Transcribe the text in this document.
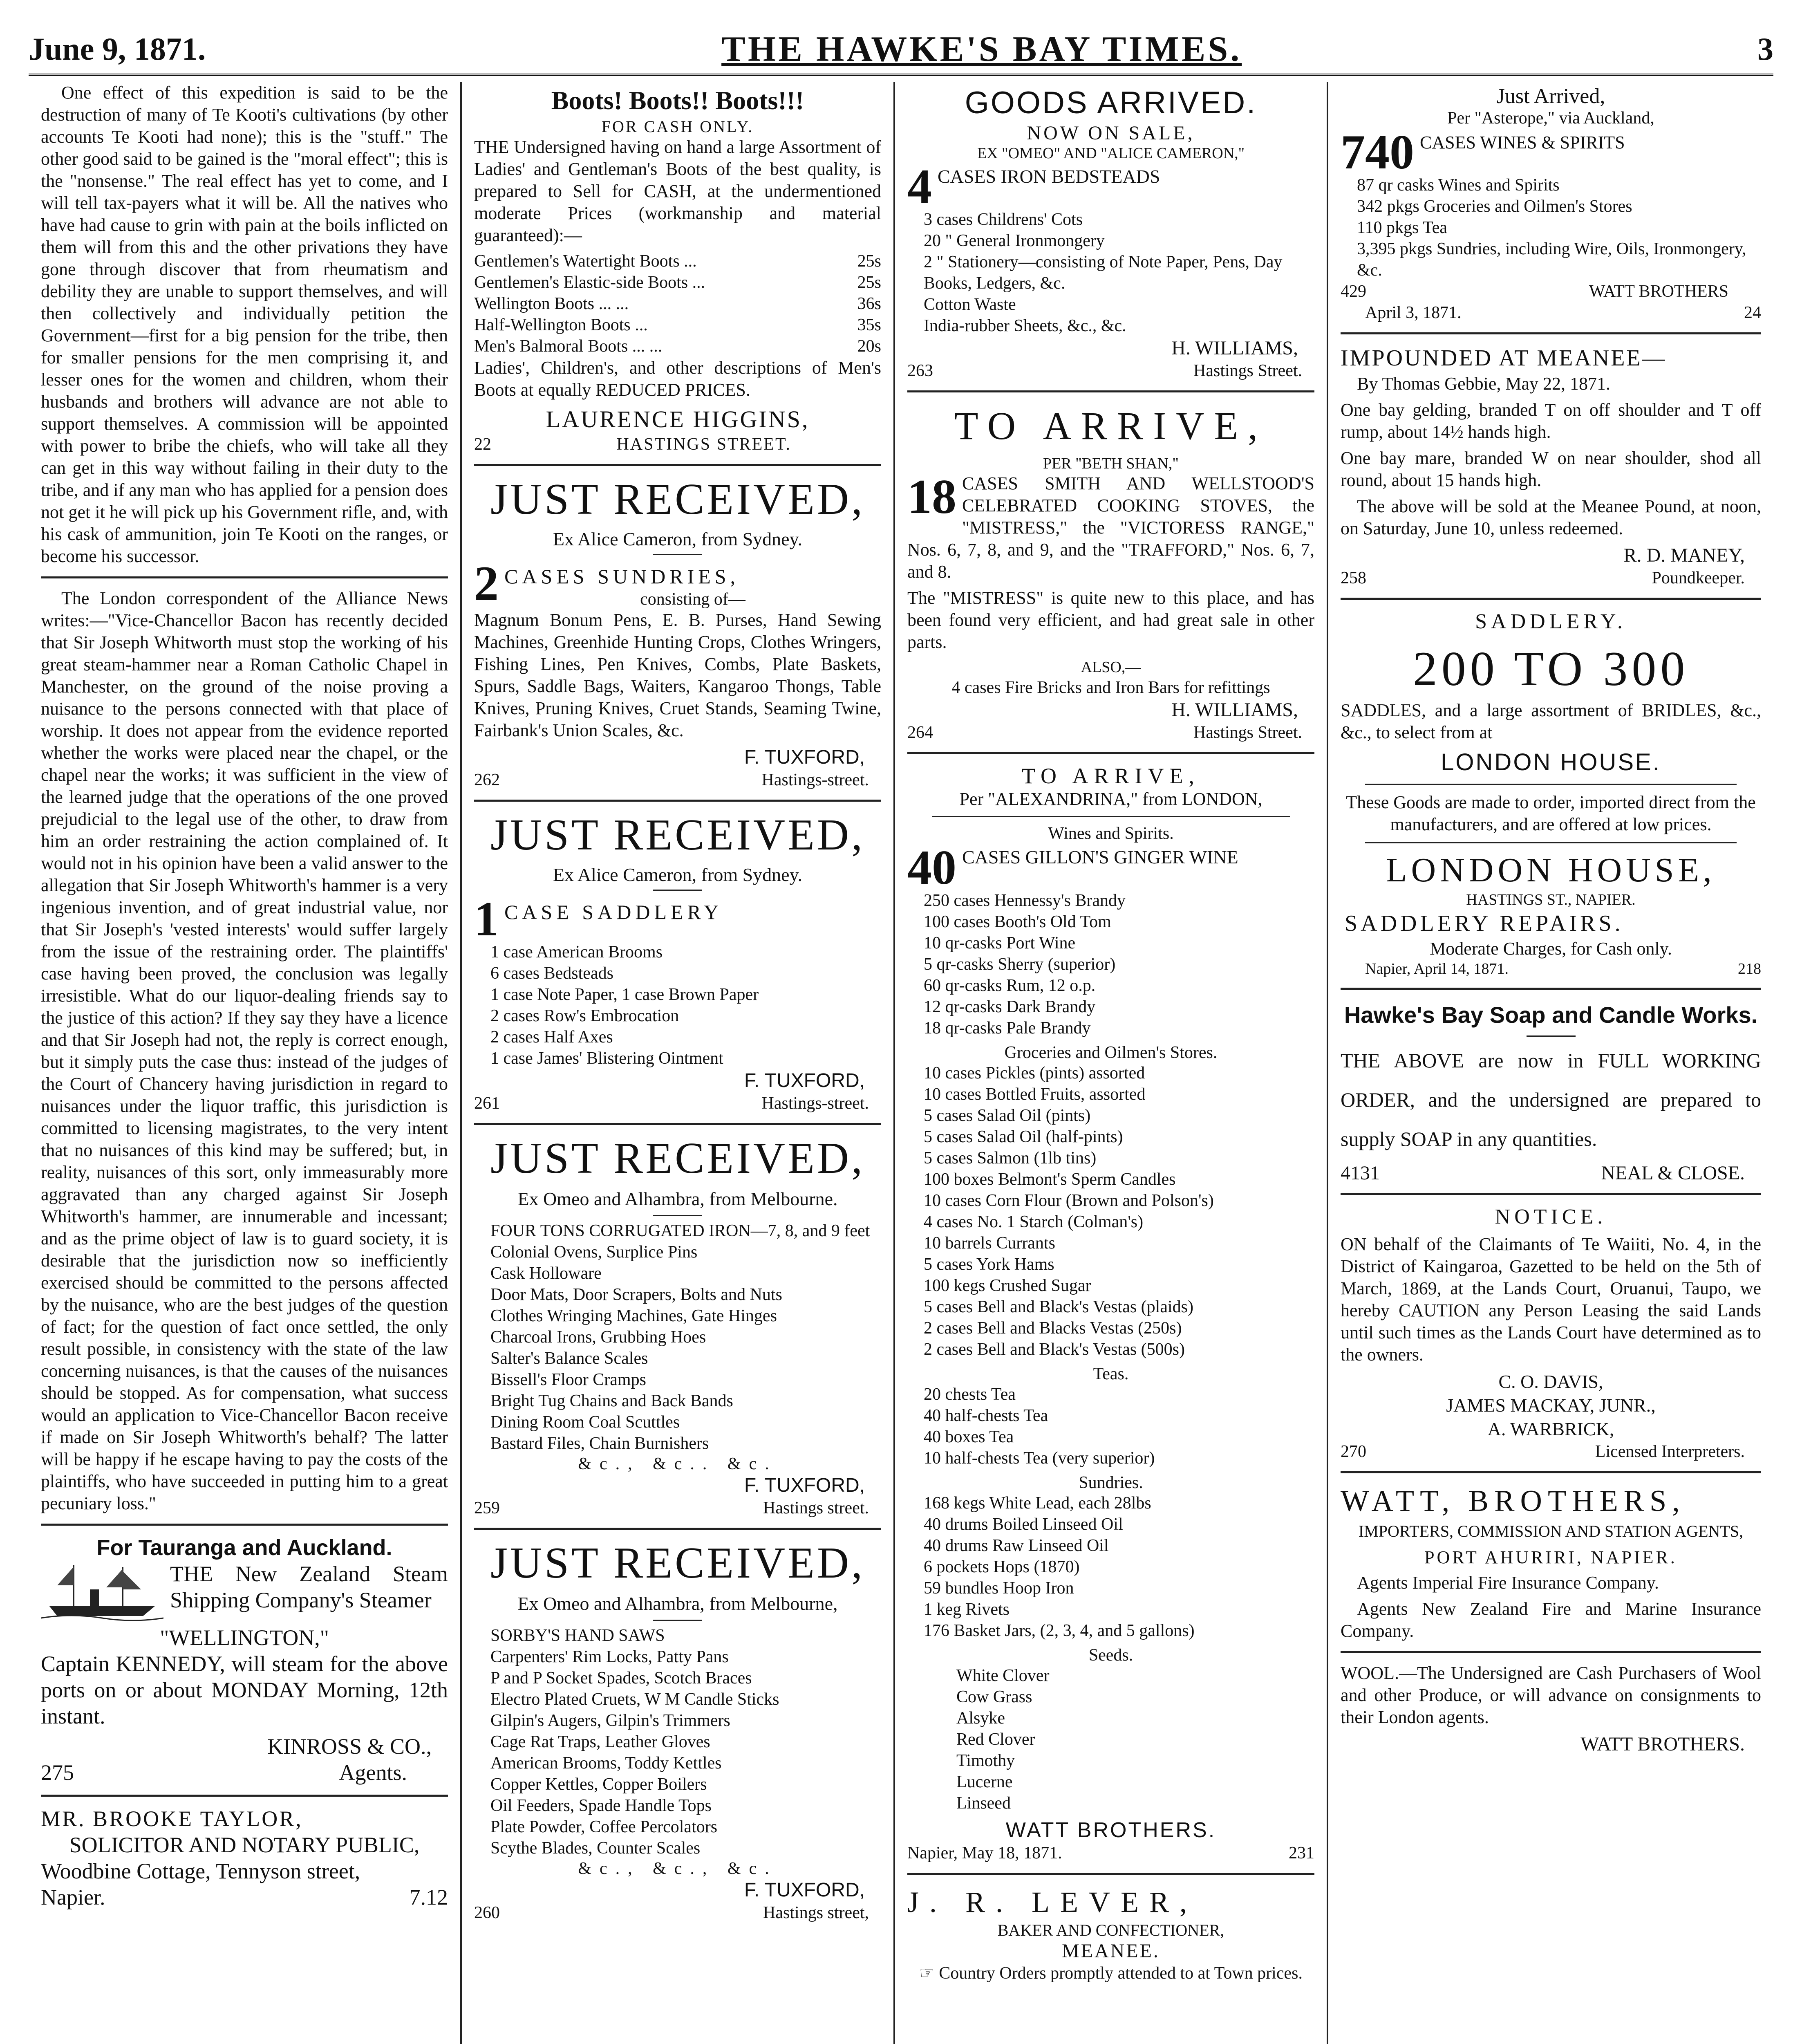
June 9, 1871.	THE HAWKE'S BAY TIMES.	3

One effect of this expedition is said to be the destruction of many of Te Kooti's cultivations (by other accounts Te Kooti had none); this is the "stuff." The other good said to be gained is the "moral effect"; this is the "nonsense." The real effect has yet to come, and I will tell tax-payers what it will be. All the natives who have had cause to grin with pain at the boils inflicted on them will from this and the other privations they have gone through discover that from rheumatism and debility they are unable to support themselves, and will then collectively and individually petition the Government—first for a big pension for the tribe, then for smaller pensions for the men comprising it, and lesser ones for the women and children, whom their husbands and brothers will advance are not able to support themselves. A commission will be appointed with power to bribe the chiefs, who will take all they can get in this way without failing in their duty to the tribe, and if any man who has applied for a pension does not get it he will pick up his Government rifle, and, with his cask of ammunition, join Te Kooti on the ranges, or become his successor.

The London correspondent of the Alliance News writes:—"Vice-Chancellor Bacon has recently decided that Sir Joseph Whitworth must stop the working of his great steam-hammer near a Roman Catholic Chapel in Manchester, on the ground of the noise proving a nuisance to the persons connected with that place of worship. It does not appear from the evidence reported whether the works were placed near the chapel, or the chapel near the works; it was sufficient in the view of the learned judge that the operations of the one proved prejudicial to the legal use of the other, to draw from him an order restraining the action complained of. It would not in his opinion have been a valid answer to the allegation that Sir Joseph Whitworth's hammer is a very ingenious invention, and of great industrial value, nor that Sir Joseph's 'vested interests' would suffer largely from the issue of the restraining order. The plaintiffs' case having been proved, the conclusion was legally irresistible. What do our liquor-dealing friends say to the justice of this action? If they say they have a licence and that Sir Joseph had not, the reply is correct enough, but it simply puts the case thus: instead of the judges of the Court of Chancery having jurisdiction in regard to nuisances under the liquor traffic, this jurisdiction is committed to licensing magistrates, to the very intent that no nuisances of this kind may be suffered; but, in reality, nuisances of this sort, only immeasurably more aggravated than any charged against Sir Joseph Whitworth's hammer, are innumerable and incessant; and as the prime object of law is to guard society, it is desirable that the jurisdiction now so inefficiently exercised should be committed to the persons affected by the nuisance, who are the best judges of the question of fact; for the question of fact once settled, the only result possible, in consistency with the state of the law concerning nuisances, is that the causes of the nuisances should be stopped. As for compensation, what success would an application to Vice-Chancellor Bacon receive if made on Sir Joseph Whitworth's behalf? The latter will be happy if he escape having to pay the costs of the plaintiffs, who have succeeded in putting him to a great pecuniary loss."

For Tauranga and Auckland.

THE New Zealand Steam Shipping Company's Steamer

"WELLINGTON,"

Captain KENNEDY, will steam for the above ports on or about MONDAY Morning, 12th instant.

KINROSS & CO.,
275	Agents.
MR. BROOKE TAYLOR,
SOLICITOR AND NOTARY PUBLIC,
Woodbine Cottage, Tennyson street,
Napier.	7.12
Boots! Boots!! Boots!!!
FOR CASH ONLY.

THE Undersigned having on hand a large Assortment of Ladies' and Gentleman's Boots of the best quality, is prepared to Sell for CASH, at the undermentioned moderate Prices (workmanship and material guaranteed):—

Gentlemen's Watertight Boots ...	25s
Gentlemen's Elastic-side Boots ...	25s
Wellington Boots ... ...	36s
Half-Wellington Boots ...	35s
Men's Balmoral Boots ... ...	20s

Ladies', Children's, and other descriptions of Men's Boots at equally REDUCED PRICES.

LAURENCE HIGGINS,
22	HASTINGS STREET.
JUST RECEIVED,
Ex Alice Cameron, from Sydney.
2 CASES SUNDRIES,
consisting of—

Magnum Bonum Pens, E. B. Purses, Hand Sewing Machines, Greenhide Hunting Crops, Clothes Wringers, Fishing Lines, Pen Knives, Combs, Plate Baskets, Spurs, Saddle Bags, Waiters, Kangaroo Thongs, Table Knives, Pruning Knives, Cruet Stands, Seaming Twine, Fairbank's Union Scales, &c.

F. TUXFORD,
262	Hastings-street.
JUST RECEIVED,
Ex Alice Cameron, from Sydney.
1 CASE SADDLERY

1 case American Brooms

6 cases Bedsteads

1 case Note Paper, 1 case Brown Paper

2 cases Row's Embrocation

2 cases Half Axes

1 case James' Blistering Ointment

F. TUXFORD,
261	Hastings-street.
JUST RECEIVED,
Ex Omeo and Alhambra, from Melbourne.

FOUR TONS CORRUGATED IRON—7, 8, and 9 feet

Colonial Ovens, Surplice Pins

Cask Holloware

Door Mats, Door Scrapers, Bolts and Nuts

Clothes Wringing Machines, Gate Hinges

Charcoal Irons, Grubbing Hoes

Salter's Balance Scales

Bissell's Floor Cramps

Bright Tug Chains and Back Bands

Dining Room Coal Scuttles

Bastard Files, Chain Burnishers

&c., &c.. &c.
F. TUXFORD,
259	Hastings street.
JUST RECEIVED,
Ex Omeo and Alhambra, from Melbourne,

SORBY'S HAND SAWS

Carpenters' Rim Locks, Patty Pans

P and P Socket Spades, Scotch Braces

Electro Plated Cruets, W M Candle Sticks

Gilpin's Augers, Gilpin's Trimmers

Cage Rat Traps, Leather Gloves

American Brooms, Toddy Kettles

Copper Kettles, Copper Boilers

Oil Feeders, Spade Handle Tops

Plate Powder, Coffee Percolators

Scythe Blades, Counter Scales

&c., &c., &c.
F. TUXFORD,
260	Hastings street,
GOODS ARRIVED.
NOW ON SALE,
EX "OMEO" AND "ALICE CAMERON,"
4 CASES IRON BEDSTEADS

3 cases Childrens' Cots

20 " General Ironmongery

2 " Stationery—consisting of Note Paper, Pens, Day Books, Ledgers, &c.

Cotton Waste

India-rubber Sheets, &c., &c.

H. WILLIAMS,
263	Hastings Street.
TO ARRIVE,
PER "BETH SHAN,"
18 CASES SMITH AND WELLSTOOD'S CELEBRATED COOKING STOVES, the "MISTRESS," the "VICTORESS RANGE," Nos. 6, 7, 8, and 9, and the "TRAFFORD," Nos. 6, 7, and 8.

The "MISTRESS" is quite new to this place, and has been found very efficient, and had great sale in other parts.

ALSO,—
4 cases Fire Bricks and Iron Bars for refittings
H. WILLIAMS,
264	Hastings Street.
TO ARRIVE,
Per "ALEXANDRINA," from LONDON,
Wines and Spirits.
40 CASES GILLON'S GINGER WINE

250 cases Hennessy's Brandy

100 cases Booth's Old Tom

10 qr-casks Port Wine

5 qr-casks Sherry (superior)

60 qr-casks Rum, 12 o.p.

12 qr-casks Dark Brandy

18 qr-casks Pale Brandy

Groceries and Oilmen's Stores.

10 cases Pickles (pints) assorted

10 cases Bottled Fruits, assorted

5 cases Salad Oil (pints)

5 cases Salad Oil (half-pints)

5 cases Salmon (1lb tins)

100 boxes Belmont's Sperm Candles

10 cases Corn Flour (Brown and Polson's)

4 cases No. 1 Starch (Colman's)

10 barrels Currants

5 cases York Hams

100 kegs Crushed Sugar

5 cases Bell and Black's Vestas (plaids)

2 cases Bell and Blacks Vestas (250s)

2 cases Bell and Black's Vestas (500s)

Teas.

20 chests Tea

40 half-chests Tea

40 boxes Tea

10 half-chests Tea (very superior)

Sundries.

168 kegs White Lead, each 28lbs

40 drums Boiled Linseed Oil

40 drums Raw Linseed Oil

6 pockets Hops (1870)

59 bundles Hoop Iron

1 keg Rivets

176 Basket Jars, (2, 3, 4, and 5 gallons)

Seeds.

White Clover

Cow Grass

Alsyke

Red Clover

Timothy

Lucerne

Linseed

WATT BROTHERS.
Napier, May 18, 1871.	231
J. R. LEVER,
BAKER AND CONFECTIONER,
MEANEE.
☞ Country Orders promptly attended to at Town prices.
Just Arrived,
Per "Asterope," via Auckland,
740 CASES WINES & SPIRITS

87 qr casks Wines and Spirits

342 pkgs Groceries and Oilmen's Stores

110 pkgs Tea

3,395 pkgs Sundries, including Wire, Oils, Ironmongery, &c.

429	WATT BROTHERS
April 3, 1871.	24
IMPOUNDED AT MEANEE—

By Thomas Gebbie, May 22, 1871.

One bay gelding, branded T on off shoulder and T off rump, about 14½ hands high.

One bay mare, branded W on near shoulder, shod all round, about 15 hands high.

The above will be sold at the Meanee Pound, at noon, on Saturday, June 10, unless redeemed.

R. D. MANEY,
258	Poundkeeper.
SADDLERY.
200 TO 300

SADDLES, and a large assortment of BRIDLES, &c., &c., to select from at

LONDON HOUSE.

These Goods are made to order, imported direct from the manufacturers, and are offered at low prices.

LONDON HOUSE,
HASTINGS ST., NAPIER.
SADDLERY REPAIRS.
Moderate Charges, for Cash only.
Napier, April 14, 1871.	218
Hawke's Bay Soap and Candle Works.

THE ABOVE are now in FULL WORKING ORDER, and the undersigned are prepared to supply SOAP in any quantities.

4131	NEAL & CLOSE.
NOTICE.

ON behalf of the Claimants of Te Waiiti, No. 4, in the District of Kaingaroa, Gazetted to be held on the 5th of March, 1869, at the Lands Court, Oruanui, Taupo, we hereby CAUTION any Person Leasing the said Lands until such times as the Lands Court have determined as to the owners.

C. O. DAVIS,
JAMES MACKAY, JUNR.,
A. WARBRICK,
270	Licensed Interpreters.
WATT, BROTHERS,
IMPORTERS, COMMISSION AND STATION AGENTS,
PORT AHURIRI, NAPIER.

Agents Imperial Fire Insurance Company.

Agents New Zealand Fire and Marine Insurance Company.

WOOL.—The Undersigned are Cash Purchasers of Wool and other Produce, or will advance on consignments to their London agents.

WATT BROTHERS.
